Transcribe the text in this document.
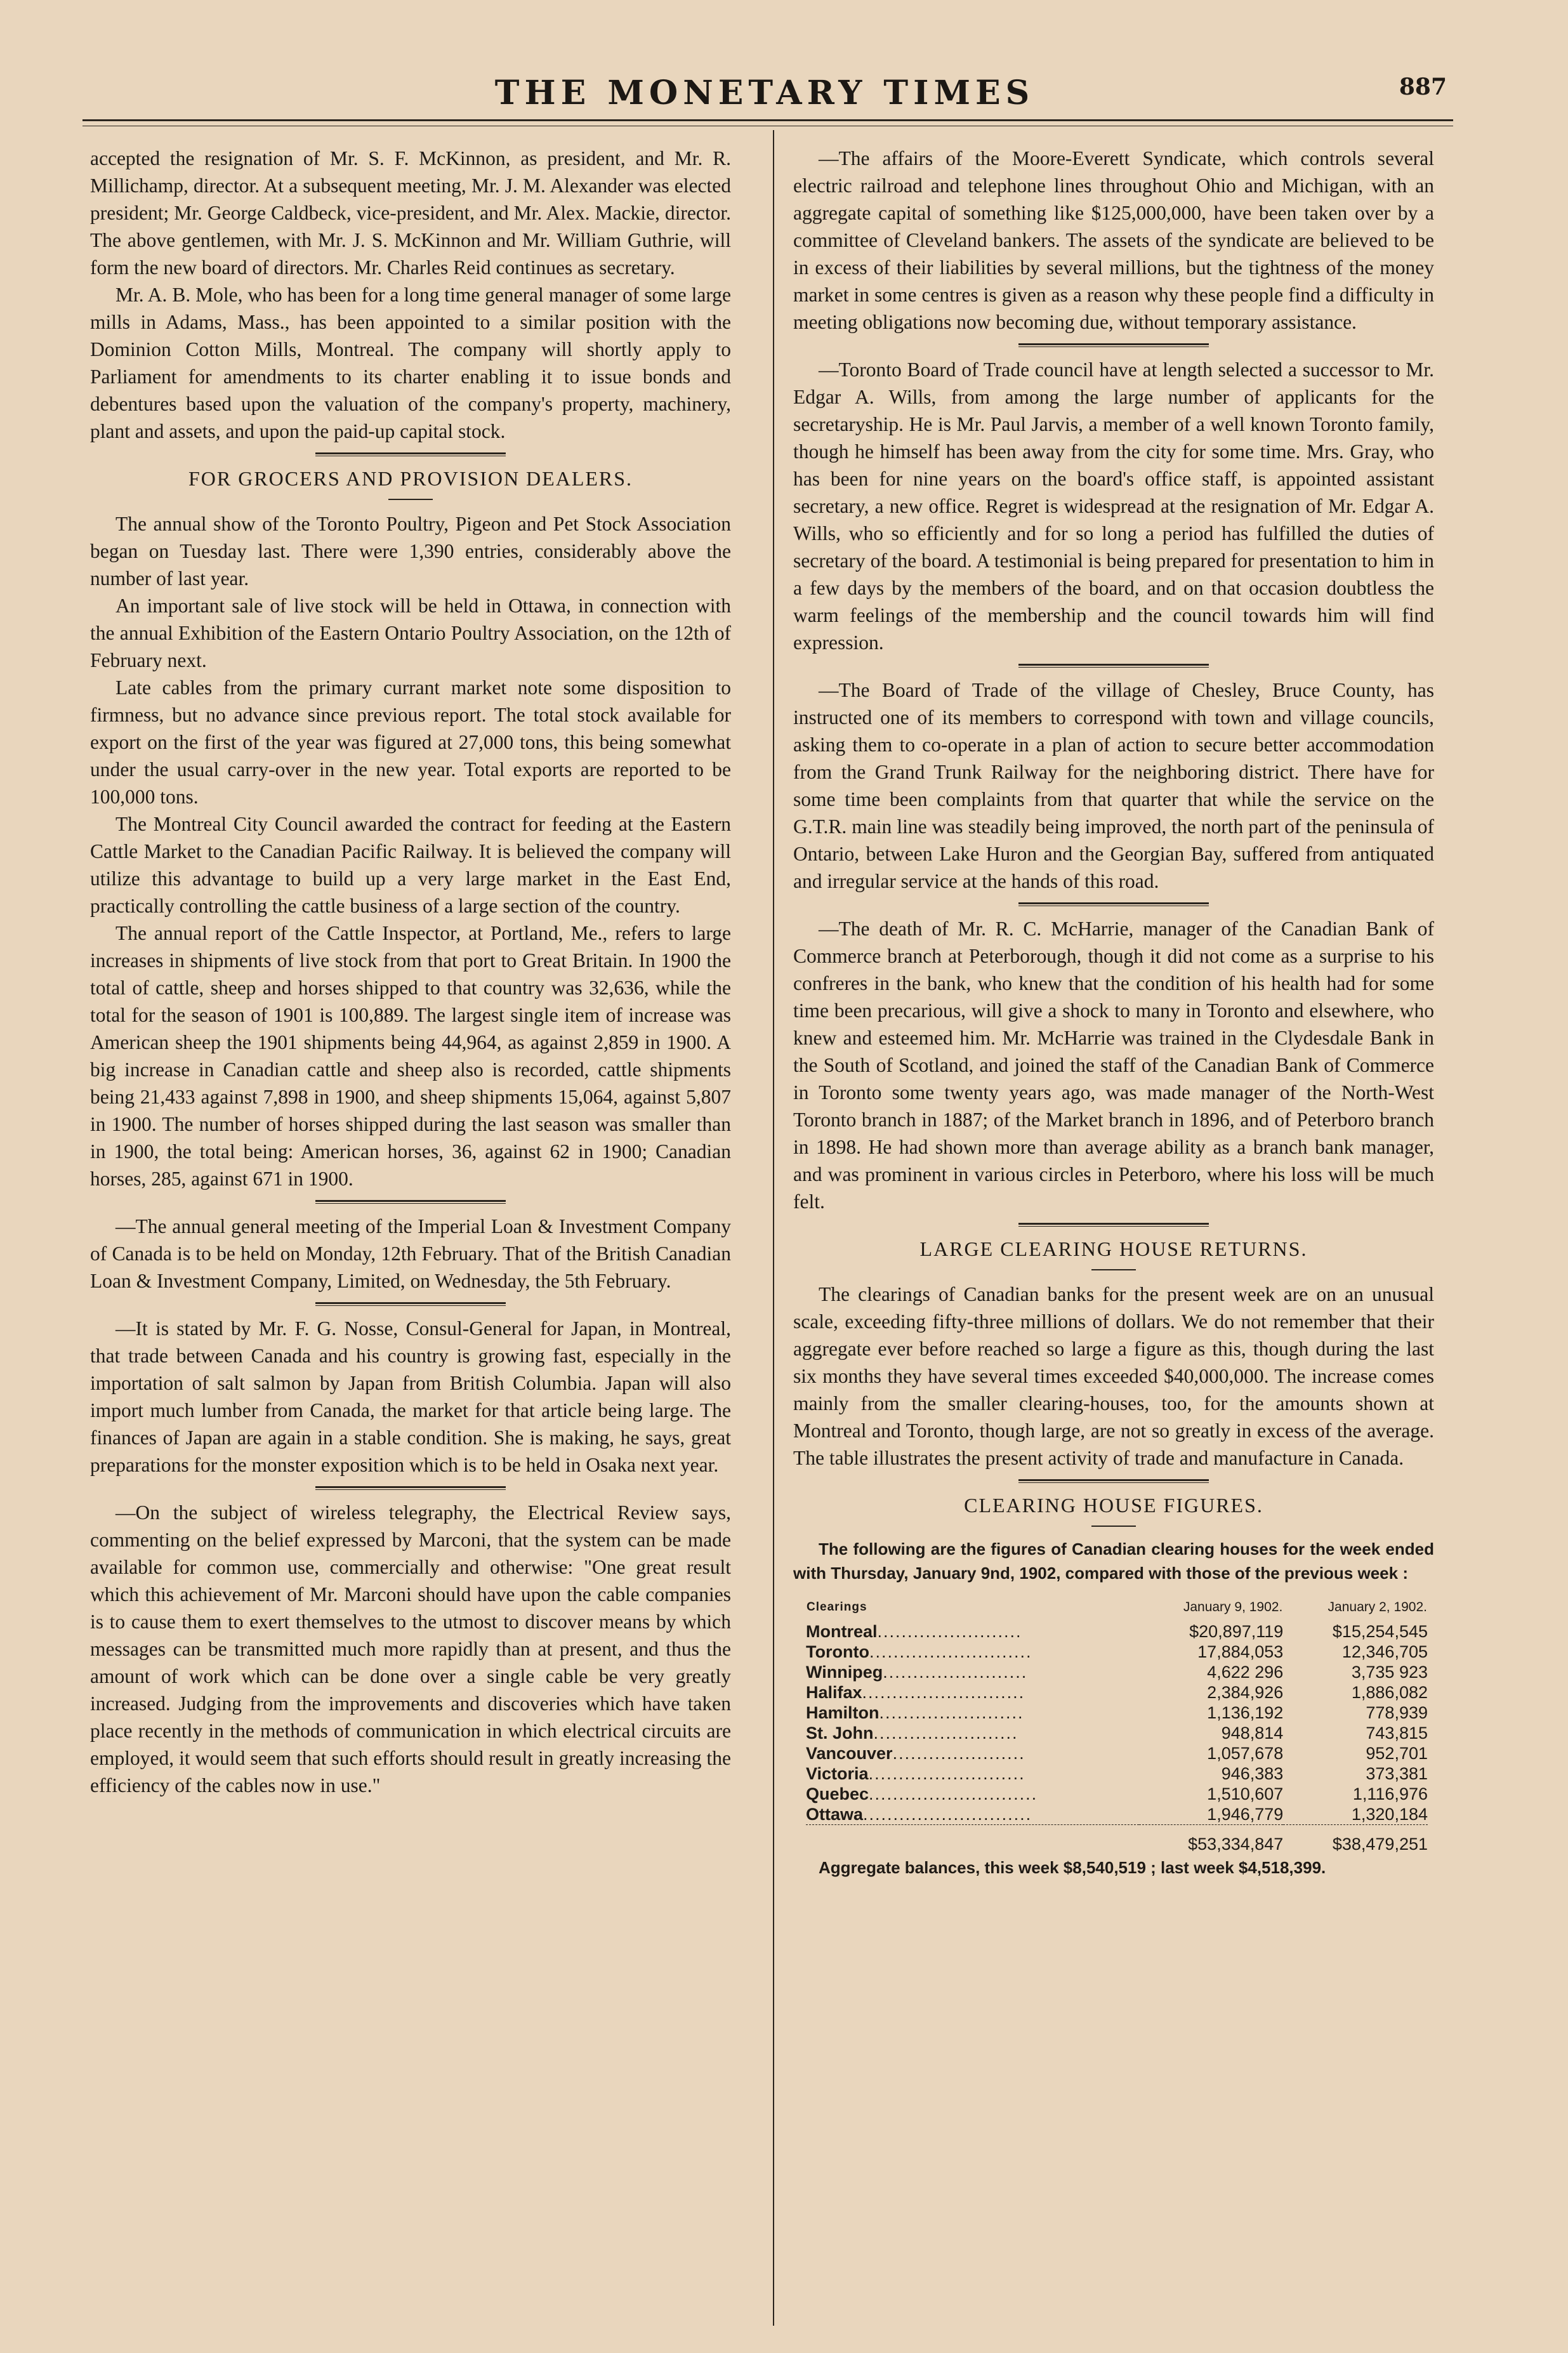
THE MONETARY TIMES	887

accepted the resignation of Mr. S. F. McKinnon, as president, and Mr. R. Millichamp, director. At a subsequent meeting, Mr. J. M. Alexander was elected president; Mr. George Caldbeck, vice-president, and Mr. Alex. Mackie, director. The above gentlemen, with Mr. J. S. McKinnon and Mr. William Guthrie, will form the new board of directors. Mr. Charles Reid continues as secretary.

Mr. A. B. Mole, who has been for a long time general manager of some large mills in Adams, Mass., has been appointed to a similar position with the Dominion Cotton Mills, Montreal. The company will shortly apply to Parliament for amendments to its charter enabling it to issue bonds and debentures based upon the valuation of the company's property, machinery, plant and assets, and upon the paid-up capital stock.

FOR GROCERS AND PROVISION DEALERS.

The annual show of the Toronto Poultry, Pigeon and Pet Stock Association began on Tuesday last. There were 1,390 entries, considerably above the number of last year.

An important sale of live stock will be held in Ottawa, in connection with the annual Exhibition of the Eastern Ontario Poultry Association, on the 12th of February next.

Late cables from the primary currant market note some disposition to firmness, but no advance since previous report. The total stock available for export on the first of the year was figured at 27,000 tons, this being somewhat under the usual carry-over in the new year. Total exports are reported to be 100,000 tons.

The Montreal City Council awarded the contract for feeding at the Eastern Cattle Market to the Canadian Pacific Railway. It is believed the company will utilize this advantage to build up a very large market in the East End, practically controlling the cattle business of a large section of the country.

The annual report of the Cattle Inspector, at Portland, Me., refers to large increases in shipments of live stock from that port to Great Britain. In 1900 the total of cattle, sheep and horses shipped to that country was 32,636, while the total for the season of 1901 is 100,889. The largest single item of increase was American sheep the 1901 shipments being 44,964, as against 2,859 in 1900. A big increase in Canadian cattle and sheep also is recorded, cattle shipments being 21,433 against 7,898 in 1900, and sheep shipments 15,064, against 5,807 in 1900. The number of horses shipped during the last season was smaller than in 1900, the total being: American horses, 36, against 62 in 1900; Canadian horses, 285, against 671 in 1900.

—The annual general meeting of the Imperial Loan & Investment Company of Canada is to be held on Monday, 12th February. That of the British Canadian Loan & Investment Company, Limited, on Wednesday, the 5th February.

—It is stated by Mr. F. G. Nosse, Consul-General for Japan, in Montreal, that trade between Canada and his country is growing fast, especially in the importation of salt salmon by Japan from British Columbia. Japan will also import much lumber from Canada, the market for that article being large. The finances of Japan are again in a stable condition. She is making, he says, great preparations for the monster exposition which is to be held in Osaka next year.

—On the subject of wireless telegraphy, the Electrical Review says, commenting on the belief expressed by Marconi, that the system can be made available for common use, commercially and otherwise: "One great result which this achievement of Mr. Marconi should have upon the cable companies is to cause them to exert themselves to the utmost to discover means by which messages can be transmitted much more rapidly than at present, and thus the amount of work which can be done over a single cable be very greatly increased. Judging from the improvements and discoveries which have taken place recently in the methods of communication in which electrical circuits are employed, it would seem that such efforts should result in greatly increasing the efficiency of the cables now in use."

—The affairs of the Moore-Everett Syndicate, which controls several electric railroad and telephone lines throughout Ohio and Michigan, with an aggregate capital of something like $125,000,000, have been taken over by a committee of Cleveland bankers. The assets of the syndicate are believed to be in excess of their liabilities by several millions, but the tightness of the money market in some centres is given as a reason why these people find a difficulty in meeting obligations now becoming due, without temporary assistance.

—Toronto Board of Trade council have at length selected a successor to Mr. Edgar A. Wills, from among the large number of applicants for the secretaryship. He is Mr. Paul Jarvis, a member of a well known Toronto family, though he himself has been away from the city for some time. Mrs. Gray, who has been for nine years on the board's office staff, is appointed assistant secretary, a new office. Regret is widespread at the resignation of Mr. Edgar A. Wills, who so efficiently and for so long a period has fulfilled the duties of secretary of the board. A testimonial is being prepared for presentation to him in a few days by the members of the board, and on that occasion doubtless the warm feelings of the membership and the council towards him will find expression.

—The Board of Trade of the village of Chesley, Bruce County, has instructed one of its members to correspond with town and village councils, asking them to co-operate in a plan of action to secure better accommodation from the Grand Trunk Railway for the neighboring district. There have for some time been complaints from that quarter that while the service on the G.T.R. main line was steadily being improved, the north part of the peninsula of Ontario, between Lake Huron and the Georgian Bay, suffered from antiquated and irregular service at the hands of this road.

—The death of Mr. R. C. McHarrie, manager of the Canadian Bank of Commerce branch at Peterborough, though it did not come as a surprise to his confreres in the bank, who knew that the condition of his health had for some time been precarious, will give a shock to many in Toronto and elsewhere, who knew and esteemed him. Mr. McHarrie was trained in the Clydesdale Bank in the South of Scotland, and joined the staff of the Canadian Bank of Commerce in Toronto some twenty years ago, was made manager of the North-West Toronto branch in 1887; of the Market branch in 1896, and of Peterboro branch in 1898. He had shown more than average ability as a branch bank manager, and was prominent in various circles in Peterboro, where his loss will be much felt.

LARGE CLEARING HOUSE RETURNS.

The clearings of Canadian banks for the present week are on an unusual scale, exceeding fifty-three millions of dollars. We do not remember that their aggregate ever before reached so large a figure as this, though during the last six months they have several times exceeded $40,000,000. The increase comes mainly from the smaller clearing-houses, too, for the amounts shown at Montreal and Toronto, though large, are not so greatly in excess of the average. The table illustrates the present activity of trade and manufacture in Canada.

CLEARING HOUSE FIGURES.

The following are the figures of Canadian clearing houses for the week ended with Thursday, January 9nd, 1902, compared with those of the previous week :

Clearings	January 9, 1902.	January 2, 1902.
Montreal........................	$20,897,119	$15,254,545
Toronto...........................	17,884,053	12,346,705
Winnipeg........................	4,622 296	3,735 923
Halifax...........................	2,384,926	1,886,082
Hamilton........................	1,136,192	778,939
St. John........................	948,814	743,815
Vancouver......................	1,057,678	952,701
Victoria..........................	946,383	373,381
Quebec............................	1,510,607	1,116,976
Ottawa............................	1,946,779	1,320,184
	$53,334,847	$38,479,251

Aggregate balances, this week $8,540,519 ; last week $4,518,399.
